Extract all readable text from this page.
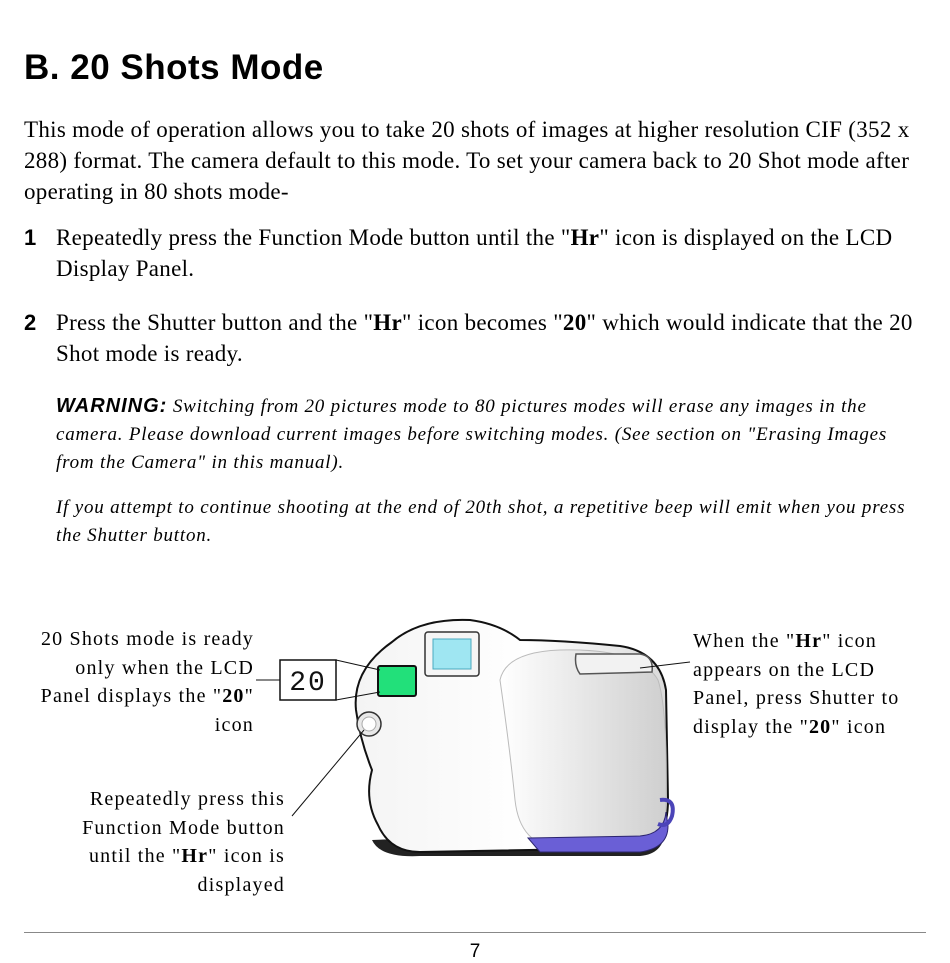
B. 20 Shots Mode

This mode of operation allows you to take 20 shots of images at higher resolution CIF (352 x 288) format. The camera default to this mode. To set your camera back to 20 Shot mode after operating in 80 shots mode-

1 Repeatedly press the Function Mode button until the "Hr" icon is displayed on the LCD Display Panel.
2 Press the Shutter button and the "Hr" icon becomes "20" which would indicate that the 20 Shot mode is ready.

WARNING: Switching from 20 pictures mode to 80 pictures modes will erase any images in the camera. Please download current images before switching modes. (See section on "Erasing Images from the Camera" in this manual).

If you attempt to continue shooting at the end of 20th shot, a repetitive beep will emit when you press the Shutter button.

20

20 Shots mode is ready only when the LCD Panel displays the "20" icon

Repeatedly press this Function Mode button until the "Hr" icon is displayed

When the "Hr" icon appears on the LCD Panel, press Shutter to display the "20" icon

7
